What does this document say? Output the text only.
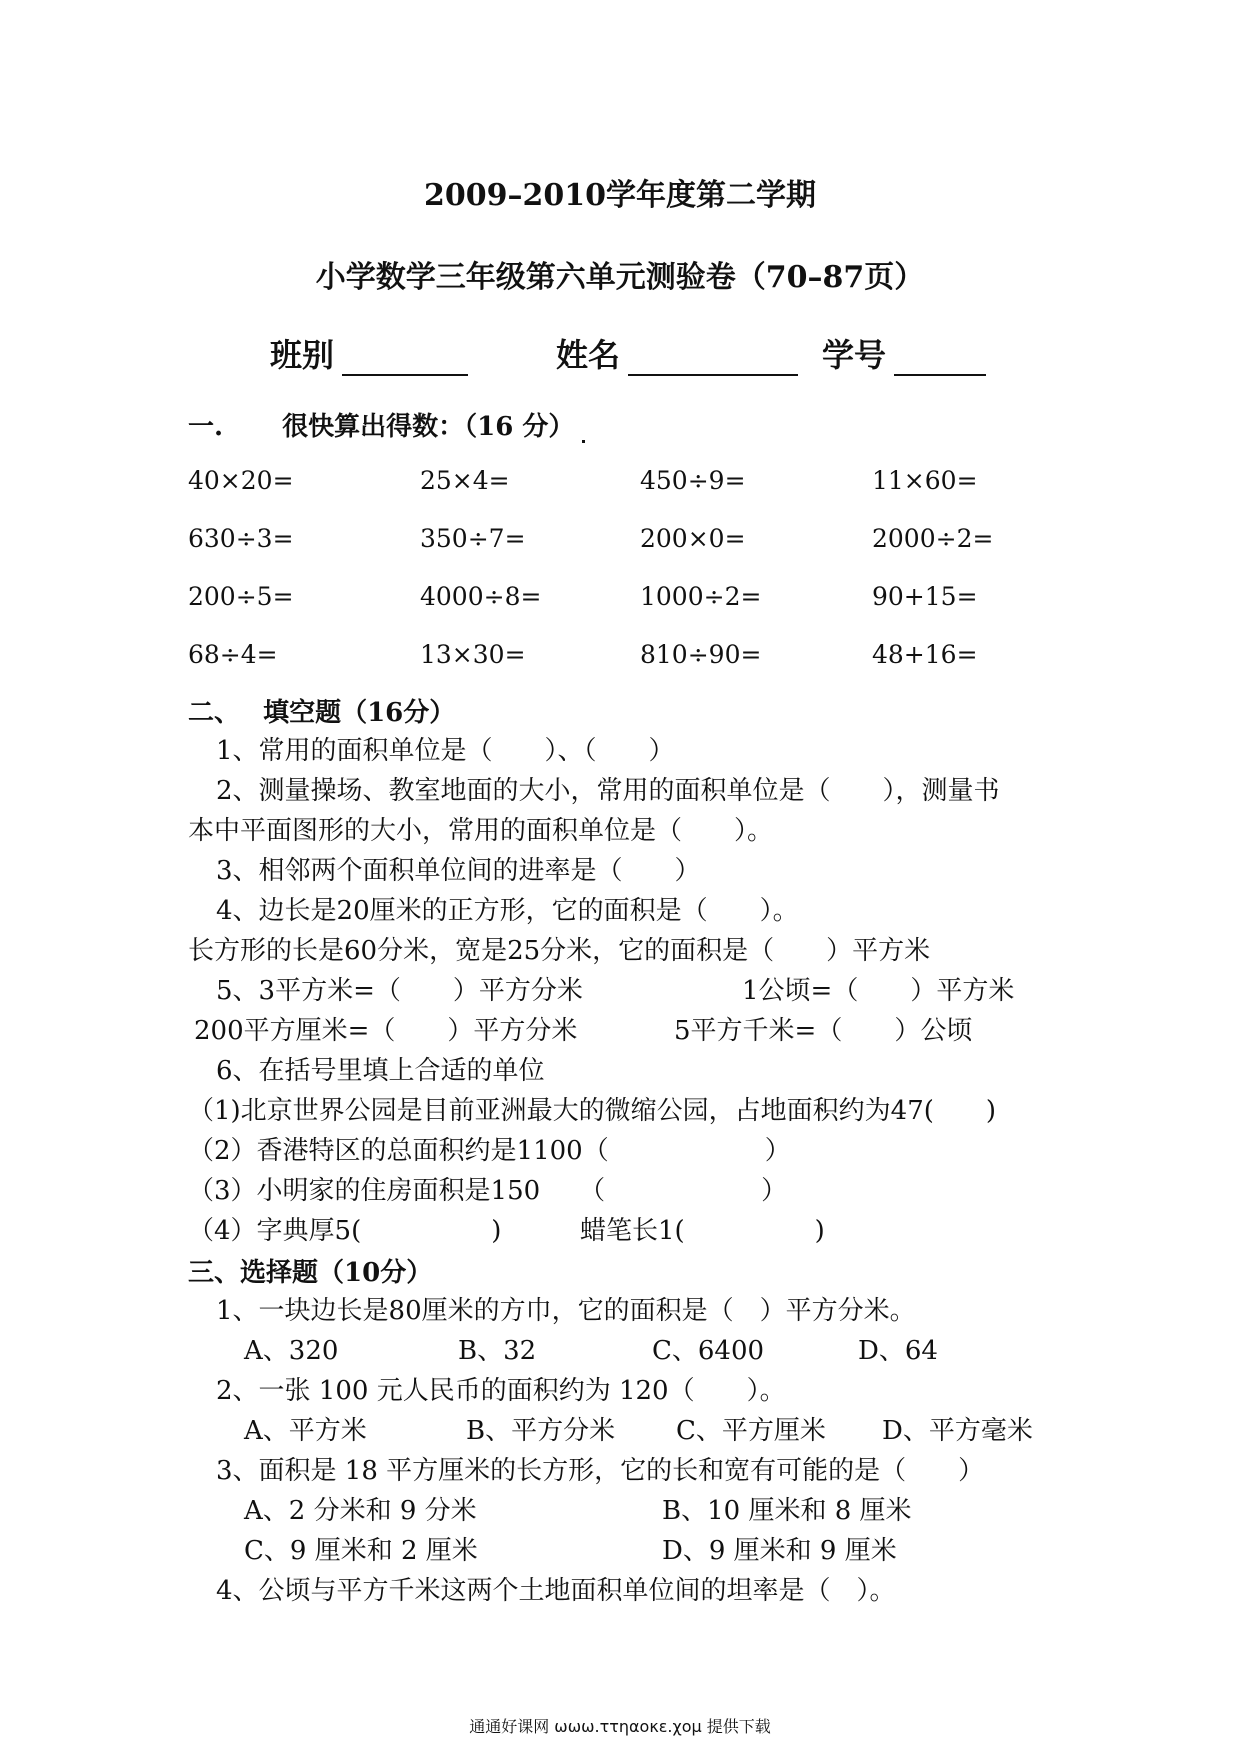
2009–2010学年度第二学期
小学数学三年级第六单元测验卷（70–87页）
班别	姓名	学号
一. 很快算出得数：（16 分）
40×20=	25×4=	450÷9=	11×60=
630÷3=	350÷7=	200×0=	2000÷2=
200÷5=	4000÷8=	1000÷2=	90+15=
68÷4=	13×30=	810÷90=	48+16=
二、 填空题（16分）
1、常用的面积单位是（　　）、（　　）
2、测量操场、教室地面的大小，常用的面积单位是（　　），测量书
本中平面图形的大小，常用的面积单位是（　　）。
3、相邻两个面积单位间的进率是（　　）
4、边长是20厘米的正方形，它的面积是（　　）。
长方形的长是60分米，宽是25分米，它的面积是（　　）平方米
5、3平方米=（　　）平方分米	1公顷=（　　）平方米
200平方厘米=（　　）平方分米	5平方千米=（　　）公顷
6、在括号里填上合适的单位
（1)北京世界公园是目前亚洲最大的微缩公园，占地面积约为47(　　)
（2）香港特区的总面积约是1100（　　　　　　）
（3）小明家的住房面积是150　　（　　　　　　）
（4）字典厚5(　　　　　)	蜡笔长1(　　　　　)
三、选择题（10分）
1、一块边长是80厘米的方巾，它的面积是（　）平方分米。
A、320	B、32	C、6400	D、64
2、一张 100 元人民币的面积约为 120（　　）。
A、平方米	B、平方分米 C、平方厘米 D、平方毫米
3、面积是 18 平方厘米的长方形，它的长和宽有可能的是（　　）
A、2 分米和 9 分米	B、10 厘米和 8 厘米
C、9 厘米和 2 厘米	D、9 厘米和 9 厘米
4、公顷与平方千米这两个土地面积单位间的坦率是（　）。
通通好课网 ωωω.ττηαοκε.χομ 提供下载
